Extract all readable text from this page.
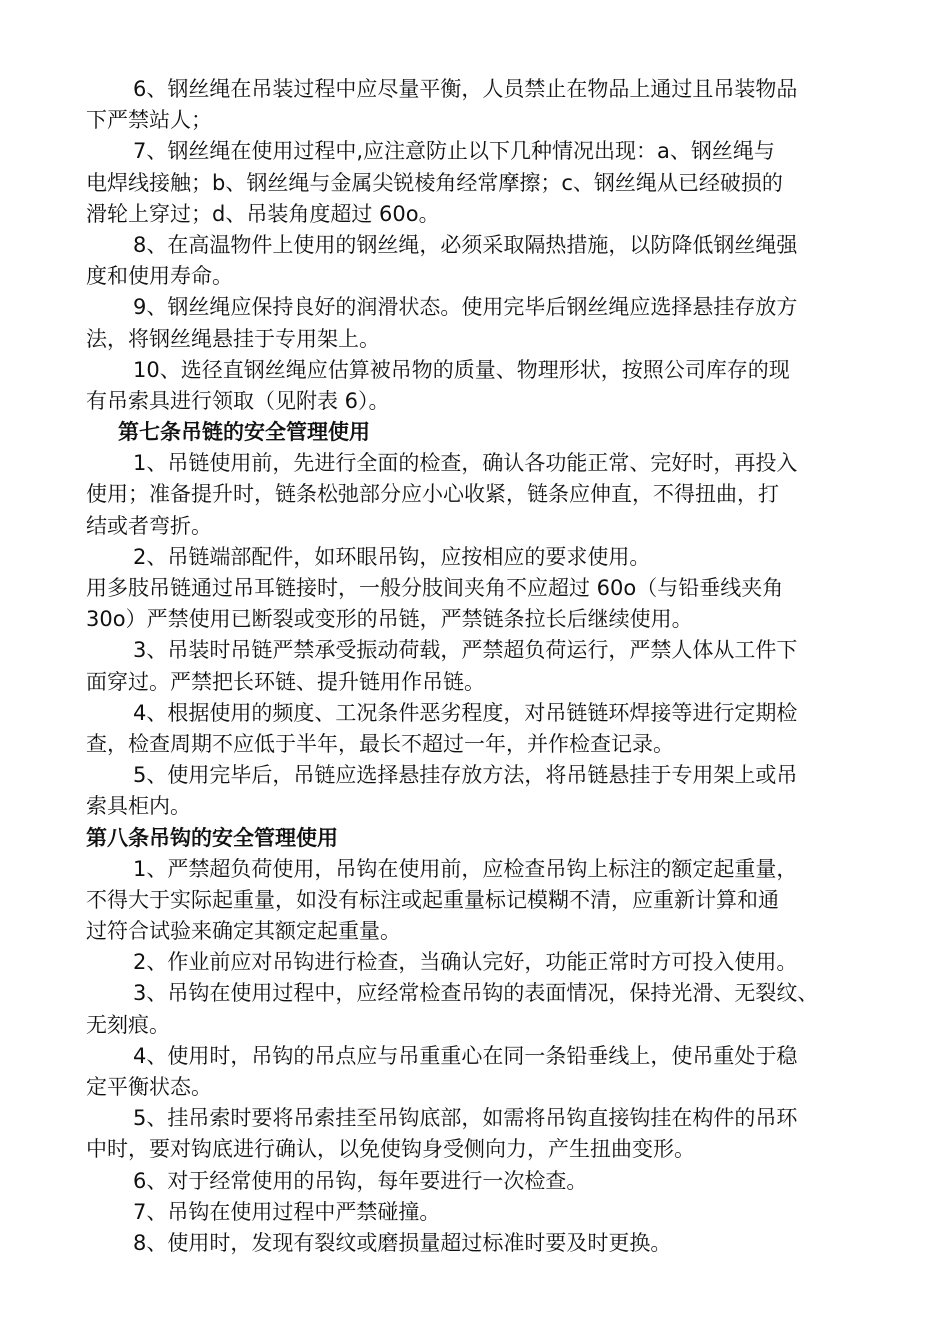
6、钢丝绳在吊装过程中应尽量平衡，人员禁止在物品上通过且吊装物品

下严禁站人；

7、钢丝绳在使用过程中,应注意防止以下几种情况出现：a、钢丝绳与

电焊线接触；b、钢丝绳与金属尖锐棱角经常摩擦；c、钢丝绳从已经破损的

滑轮上穿过；d、吊装角度超过 60o。

8、在高温物件上使用的钢丝绳，必须采取隔热措施，以防降低钢丝绳强

度和使用寿命。

9、钢丝绳应保持良好的润滑状态。使用完毕后钢丝绳应选择悬挂存放方

法，将钢丝绳悬挂于专用架上。

10、选径直钢丝绳应估算被吊物的质量、物理形状，按照公司库存的现

有吊索具进行领取（见附表 6）。

第七条吊链的安全管理使用

1、吊链使用前，先进行全面的检查，确认各功能正常、完好时，再投入

使用；准备提升时，链条松弛部分应小心收紧，链条应伸直，不得扭曲，打

结或者弯折。

2、吊链端部配件，如环眼吊钩，应按相应的要求使用。

用多肢吊链通过吊耳链接时，一般分肢间夹角不应超过 60o（与铅垂线夹角

30o）严禁使用已断裂或变形的吊链，严禁链条拉长后继续使用。

3、吊装时吊链严禁承受振动荷载，严禁超负荷运行，严禁人体从工件下

面穿过。严禁把长环链、提升链用作吊链。

4、根据使用的频度、工况条件恶劣程度，对吊链链环焊接等进行定期检

查，检查周期不应低于半年，最长不超过一年，并作检查记录。

5、使用完毕后，吊链应选择悬挂存放方法，将吊链悬挂于专用架上或吊

索具柜内。

第八条吊钩的安全管理使用

1、严禁超负荷使用，吊钩在使用前，应检查吊钩上标注的额定起重量，

不得大于实际起重量，如没有标注或起重量标记模糊不清，应重新计算和通

过符合试验来确定其额定起重量。

2、作业前应对吊钩进行检查，当确认完好，功能正常时方可投入使用。

3、吊钩在使用过程中，应经常检查吊钩的表面情况，保持光滑、无裂纹、

无刻痕。

4、使用时，吊钩的吊点应与吊重重心在同一条铅垂线上，使吊重处于稳

定平衡状态。

5、挂吊索时要将吊索挂至吊钩底部，如需将吊钩直接钩挂在构件的吊环

中时，要对钩底进行确认，以免使钩身受侧向力，产生扭曲变形。

6、对于经常使用的吊钩，每年要进行一次检查。

7、吊钩在使用过程中严禁碰撞。

8、使用时，发现有裂纹或磨损量超过标准时要及时更换。
